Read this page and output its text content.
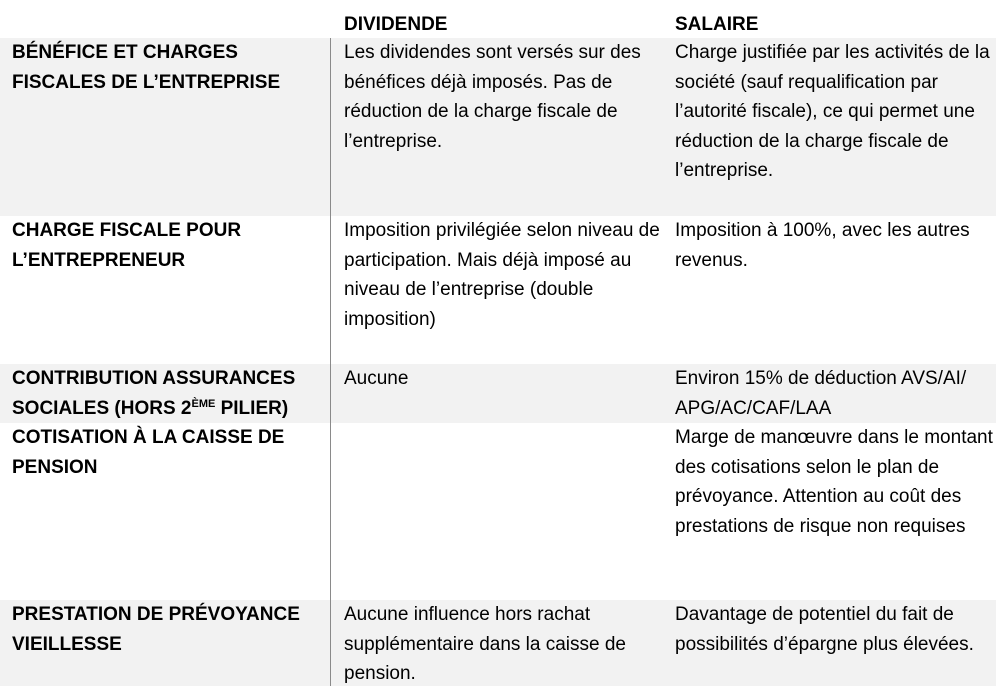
DIVIDENDE	SALAIRE
BÉNÉFICE ET CHARGES FISCALES DE L’ENTREPRISE
Les dividendes sont versés sur des bénéfices déjà imposés. Pas de réduction de la charge fiscale de l’entreprise.
Charge justifiée par les activités de la société (sauf requalification par l’autorité fiscale), ce qui permet une réduction de la charge fiscale de l’entreprise.
CHARGE FISCALE POUR L’ENTREPRENEUR
Imposition privilégiée selon niveau de participation. Mais déjà imposé au niveau de l’entreprise (double imposition)
Imposition à 100%, avec les autres revenus.
CONTRIBUTION ASSURANCES
SOCIALES (HORS 2ÈME PILIER)
Aucune	Environ 15% de déduction AVS/AI/ APG/AC/CAF/LAA
COTISATION À LA CAISSE DE PENSION
Marge de manœuvre dans le montant des cotisations selon le plan de prévoyance. Attention au coût des prestations de risque non requises
PRESTATION DE PRÉVOYANCE VIEILLESSE
Aucune influence hors rachat supplémentaire dans la caisse de pension.
Davantage de potentiel du fait de possibilités d’épargne plus élevées.
